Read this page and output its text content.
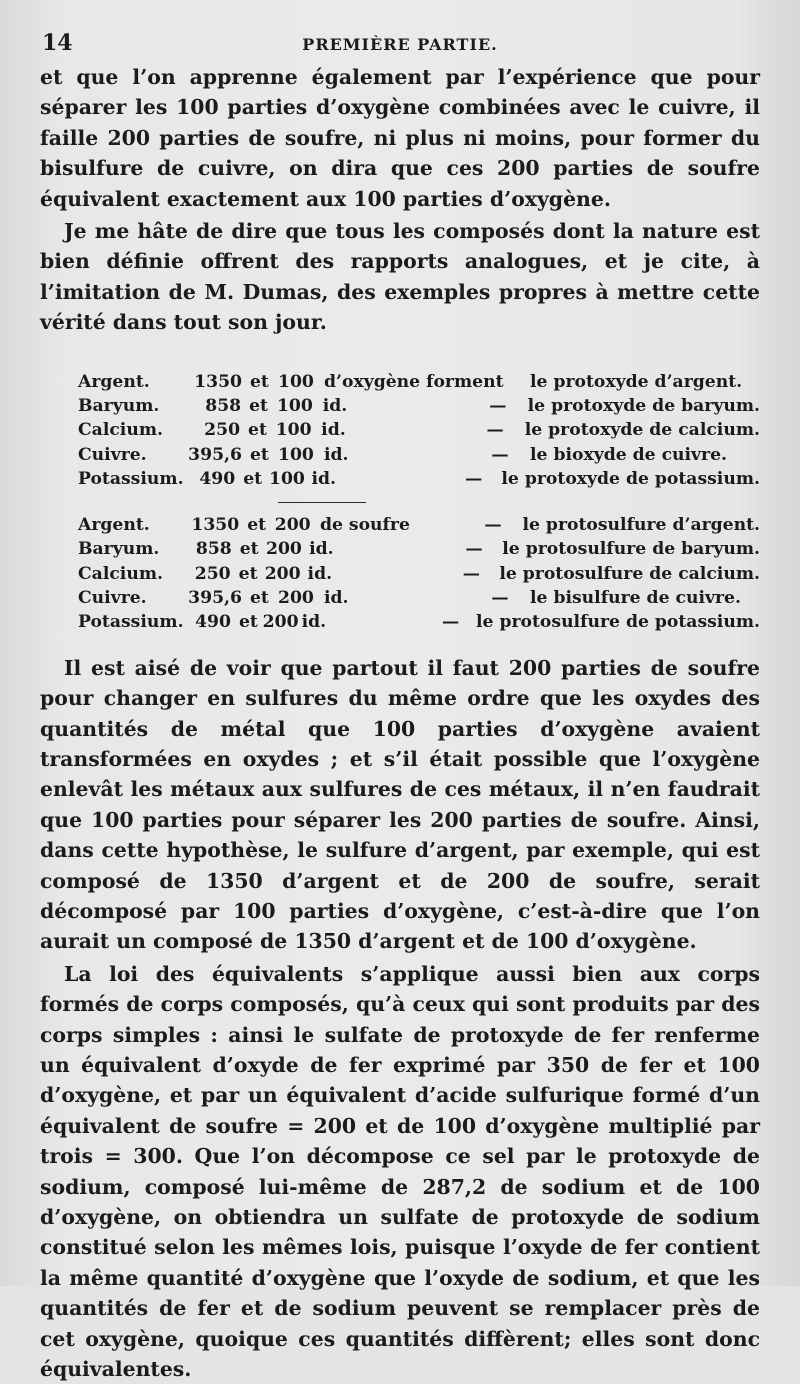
14	PREMIÈRE PARTIE.

et que l’on apprenne également par l’expérience que pour séparer les 100 parties d’oxygène combinées avec le cuivre, il faille 200 parties de soufre, ni plus ni moins, pour former du bisulfure de cuivre, on dira que ces 200 parties de soufre équivalent exactement aux 100 parties d’oxygène.

Je me hâte de dire que tous les composés dont la nature est bien définie offrent des rapports analogues, et je cite, à l’imitation de M. Dumas, des exemples propres à mettre cette vérité dans tout son jour.

Argent.	1350 et 100 d’oxygène forment le protoxyde d’argent.
Baryum.	858 et 100 id.	—	le protoxyde de baryum.
Calcium.	250 et 100 id.	—	le protoxyde de calcium.
Cuivre.	395,6 et 100 id.	—	le bioxyde de cuivre.
Potassium. 490 et 100 id.	—	le protoxyde de potassium.
Argent.	1350 et 200 de soufre	—	le protosulfure d’argent.
Baryum.	858 et 200 id.	—	le protosulfure de baryum.
Calcium.	250 et 200 id.	—	le protosulfure de calcium.
Cuivre.	395,6 et 200 id.	—	le bisulfure de cuivre.
Potassium. 490 et 200 id.	— le protosulfure de potassium.

Il est aisé de voir que partout il faut 200 parties de soufre pour changer en sulfures du même ordre que les oxydes des quantités de métal que 100 parties d’oxygène avaient transformées en oxydes ; et s’il était possible que l’oxygène enlevât les métaux aux sulfures de ces métaux, il n’en faudrait que 100 parties pour séparer les 200 parties de soufre. Ainsi, dans cette hypothèse, le sulfure d’argent, par exemple, qui est composé de 1350 d’argent et de 200 de soufre, serait décomposé par 100 parties d’oxygène, c’est-à-dire que l’on aurait un composé de 1350 d’argent et de 100 d’oxygène.

La loi des équivalents s’applique aussi bien aux corps formés de corps composés, qu’à ceux qui sont produits par des corps simples : ainsi le sulfate de protoxyde de fer renferme un équivalent d’oxyde de fer exprimé par 350 de fer et 100 d’oxygène, et par un équivalent d’acide sulfurique formé d’un équivalent de soufre = 200 et de 100 d’oxygène multiplié par trois = 300. Que l’on décompose ce sel par le protoxyde de sodium, composé lui-même de 287,2 de sodium et de 100 d’oxygène, on obtiendra un sulfate de protoxyde de sodium constitué selon les mêmes lois, puisque l’oxyde de fer contient la même quantité d’oxygène que l’oxyde de sodium, et que les quantités de fer et de sodium peuvent se remplacer près de cet oxygène, quoique ces quantités diffèrent; elles sont donc équivalentes.
